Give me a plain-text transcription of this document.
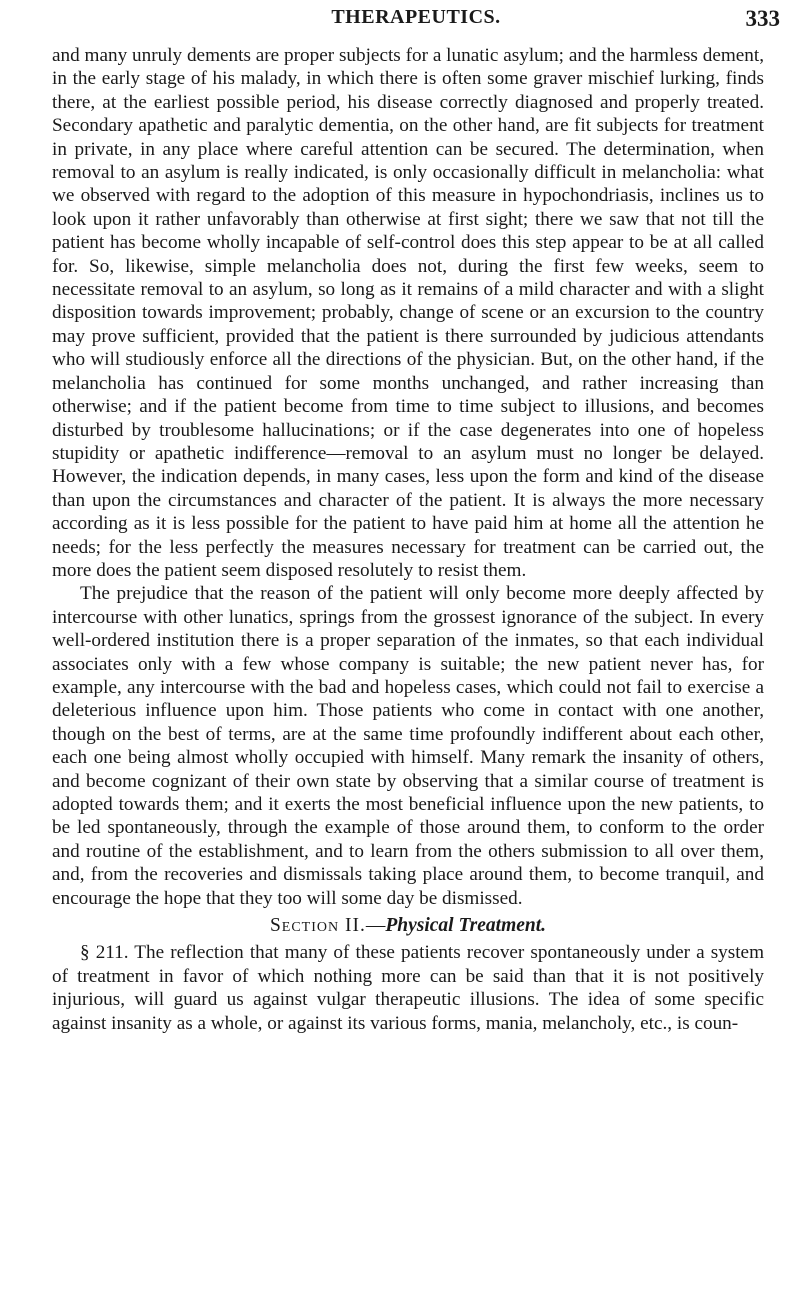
THERAPEUTICS.	333

and many unruly dements are proper subjects for a lunatic asylum; and the harmless dement, in the early stage of his malady, in which there is often some graver mischief lurking, finds there, at the earliest possible period, his disease correctly diagnosed and properly treated. Secondary apathetic and paralytic dementia, on the other hand, are fit subjects for treatment in private, in any place where careful attention can be secured. The determination, when removal to an asylum is really indicated, is only occasionally difficult in melancholia: what we observed with regard to the adoption of this measure in hypochondriasis, inclines us to look upon it rather unfavorably than otherwise at first sight; there we saw that not till the patient has become wholly incapable of self-control does this step appear to be at all called for. So, likewise, simple melancholia does not, during the first few weeks, seem to necessitate removal to an asylum, so long as it remains of a mild character and with a slight disposition towards improvement; probably, change of scene or an excursion to the country may prove sufficient, provided that the patient is there surrounded by judicious attendants who will studiously enforce all the directions of the physician. But, on the other hand, if the melancholia has continued for some months unchanged, and rather increasing than otherwise; and if the patient become from time to time subject to illusions, and becomes disturbed by troublesome hallucinations; or if the case degenerates into one of hopeless stupidity or apathetic indifference—removal to an asylum must no longer be delayed. However, the indication depends, in many cases, less upon the form and kind of the disease than upon the circumstances and character of the patient. It is always the more necessary according as it is less possible for the patient to have paid him at home all the attention he needs; for the less perfectly the measures necessary for treatment can be carried out, the more does the patient seem disposed resolutely to resist them.

The prejudice that the reason of the patient will only become more deeply affected by intercourse with other lunatics, springs from the grossest ignorance of the subject. In every well-ordered institution there is a proper separation of the inmates, so that each individual associates only with a few whose company is suitable; the new patient never has, for example, any intercourse with the bad and hopeless cases, which could not fail to exercise a deleterious influence upon him. Those patients who come in contact with one another, though on the best of terms, are at the same time profoundly indifferent about each other, each one being almost wholly occupied with himself. Many remark the insanity of others, and become cognizant of their own state by observing that a similar course of treatment is adopted towards them; and it exerts the most beneficial influence upon the new patients, to be led spontaneously, through the example of those around them, to conform to the order and routine of the establishment, and to learn from the others submission to all over them, and, from the recoveries and dismissals taking place around them, to become tranquil, and encourage the hope that they too will some day be dismissed.

Section II.—Physical Treatment.

§ 211. The reflection that many of these patients recover spontaneously under a system of treatment in favor of which nothing more can be said than that it is not positively injurious, will guard us against vulgar therapeutic illusions. The idea of some specific against insanity as a whole, or against its various forms, mania, melancholy, etc., is coun-
